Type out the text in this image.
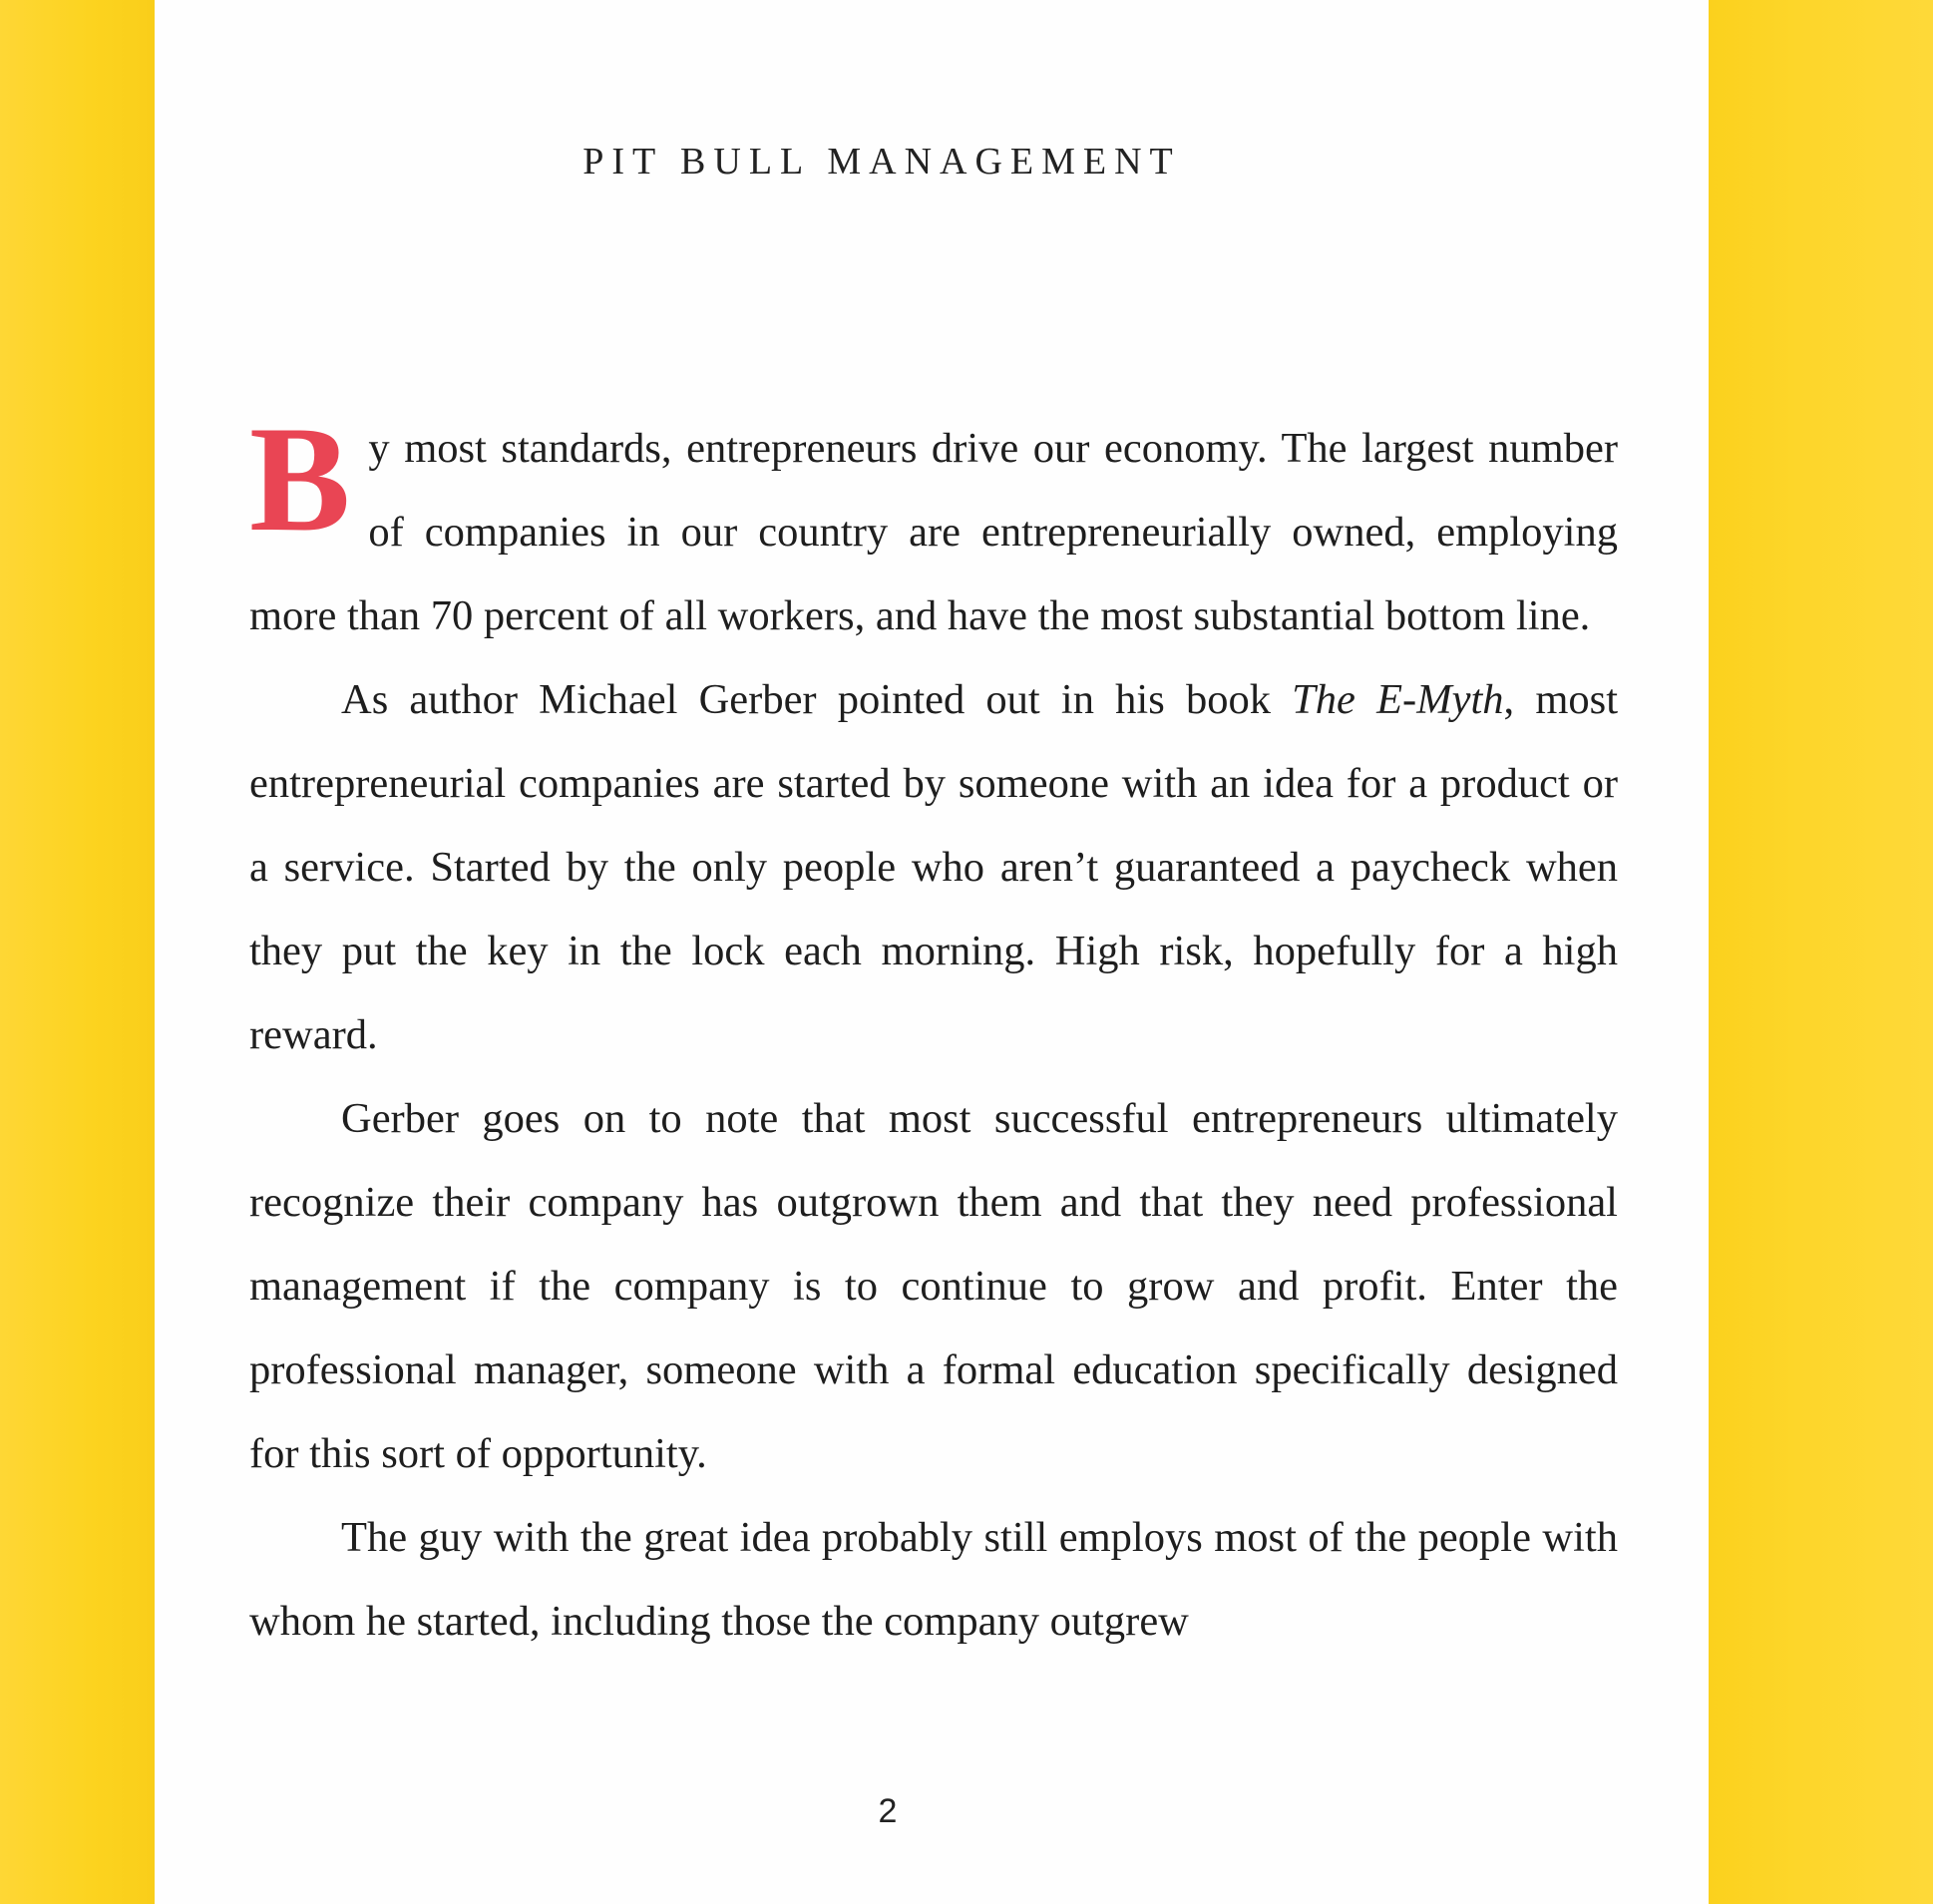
PIT BULL MANAGEMENT

By most standards, entrepreneurs drive our economy. The largest number of companies in our country are entrepreneurially owned, employing more than 70 percent of all workers, and have the most substantial bottom line.

As author Michael Gerber pointed out in his book The E-Myth, most entrepreneurial companies are started by someone with an idea for a product or a service. Started by the only people who aren’t guaranteed a paycheck when they put the key in the lock each morning. High risk, hopefully for a high reward.

Gerber goes on to note that most successful entrepreneurs ultimately recognize their company has outgrown them and that they need professional management if the company is to continue to grow and profit. Enter the professional manager, someone with a formal education specifically designed for this sort of opportunity.

The guy with the great idea probably still employs most of the people with whom he started, including those the company outgrew

2
